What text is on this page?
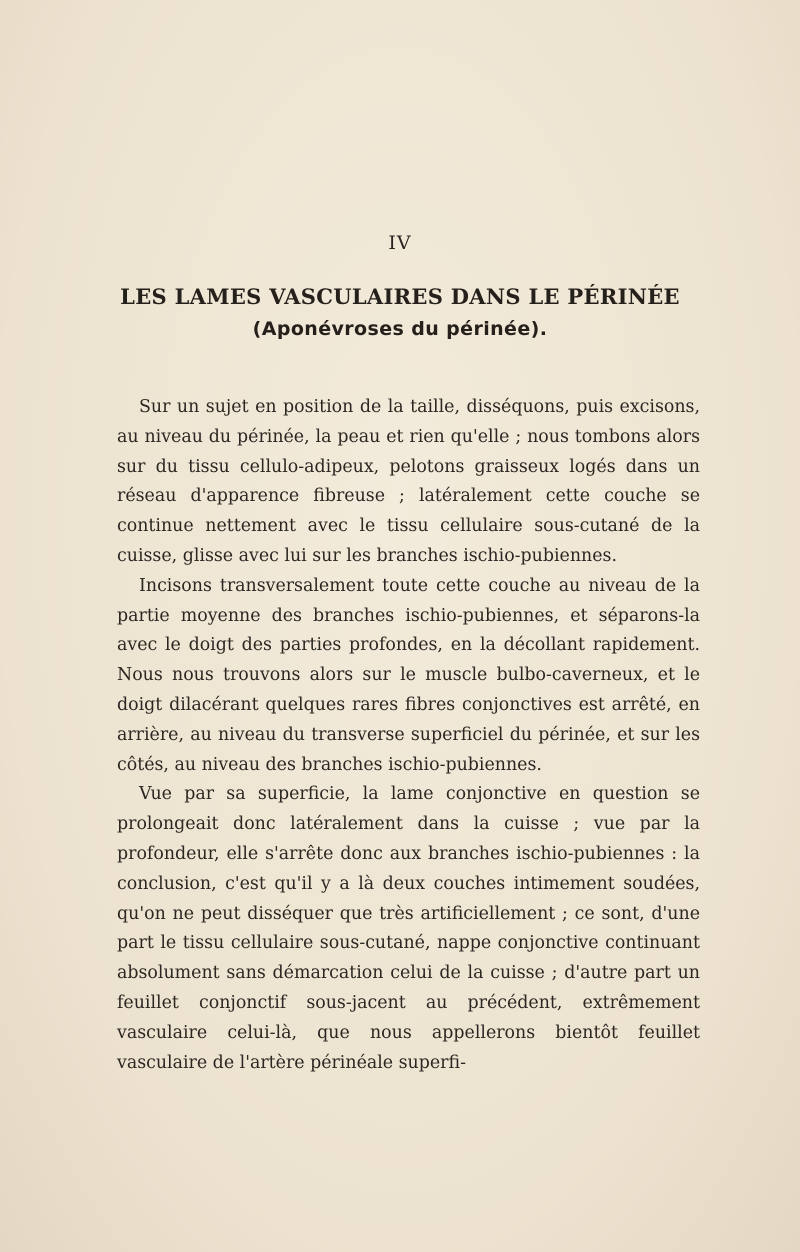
IV
LES LAMES VASCULAIRES DANS LE PÉRINÉE
(Aponévroses du périnée).

Sur un sujet en position de la taille, disséquons, puis excisons, au niveau du périnée, la peau et rien qu'elle ; nous tombons alors sur du tissu cellulo-adipeux, pelotons graisseux logés dans un réseau d'apparence fibreuse ; latéralement cette couche se continue nettement avec le tissu cellulaire sous-cutané de la cuisse, glisse avec lui sur les branches ischio-pubiennes.

Incisons transversalement toute cette couche au niveau de la partie moyenne des branches ischio-pubiennes, et séparons-la avec le doigt des parties profondes, en la décollant rapidement. Nous nous trouvons alors sur le muscle bulbo-caverneux, et le doigt dilacérant quelques rares fibres conjonctives est arrêté, en arrière, au niveau du transverse superficiel du périnée, et sur les côtés, au niveau des branches ischio-pubiennes.

Vue par sa superficie, la lame conjonctive en question se prolongeait donc latéralement dans la cuisse ; vue par la profondeur, elle s'arrête donc aux branches ischio-pubiennes : la conclusion, c'est qu'il y a là deux couches intimement soudées, qu'on ne peut disséquer que très artificiellement ; ce sont, d'une part le tissu cellulaire sous-cutané, nappe conjonctive continuant absolument sans démarcation celui de la cuisse ; d'autre part un feuillet conjonctif sous-jacent au précédent, extrêmement vasculaire celui-là, que nous appellerons bientôt feuillet vasculaire de l'artère périnéale superfi-
